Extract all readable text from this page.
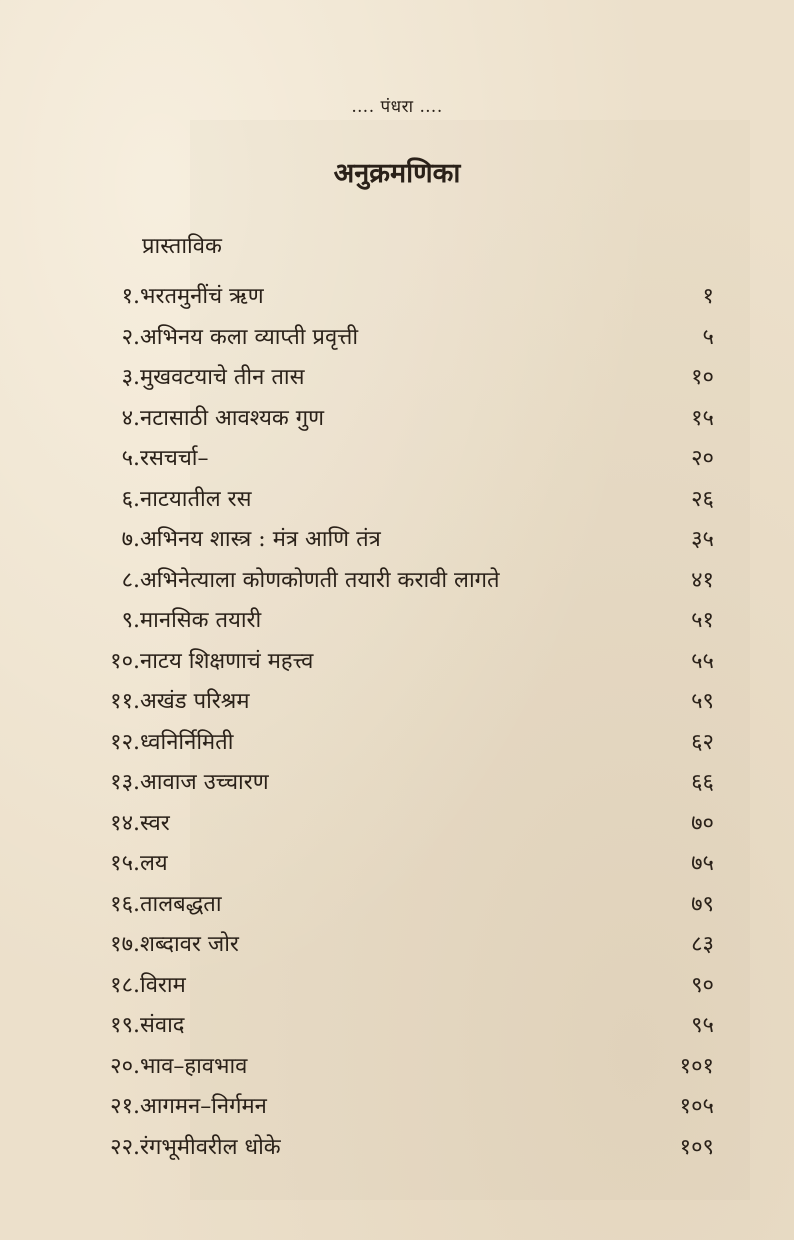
…. पंधरा ….
अनुक्रमणिका
प्रास्ताविक
१. भरतमुनींचं ऋण	१
२. अभिनय कला व्याप्ती प्रवृत्ती	५
३. मुखवटयाचे तीन तास	१०
४. नटासाठी आवश्यक गुण	१५
५. रसचर्चा–	२०
६. नाटयातील रस	२६
७. अभिनय शास्त्र : मंत्र आणि तंत्र	३५
८. अभिनेत्याला कोणकोणती तयारी करावी लागते	४१
९. मानसिक तयारी	५१
१०. नाटय शिक्षणाचं महत्त्व	५५
११. अखंड परिश्रम	५९
१२. ध्वनिर्निमिती	६२
१३. आवाज उच्चारण	६६
१४. स्वर	७०
१५. लय	७५
१६. तालबद्धता	७९
१७. शब्दावर जोर	८३
१८. विराम	९०
१९. संवाद	९५
२०. भाव–हावभाव	१०१
२१. आगमन–निर्गमन	१०५
२२. रंगभूमीवरील धोके	१०९
